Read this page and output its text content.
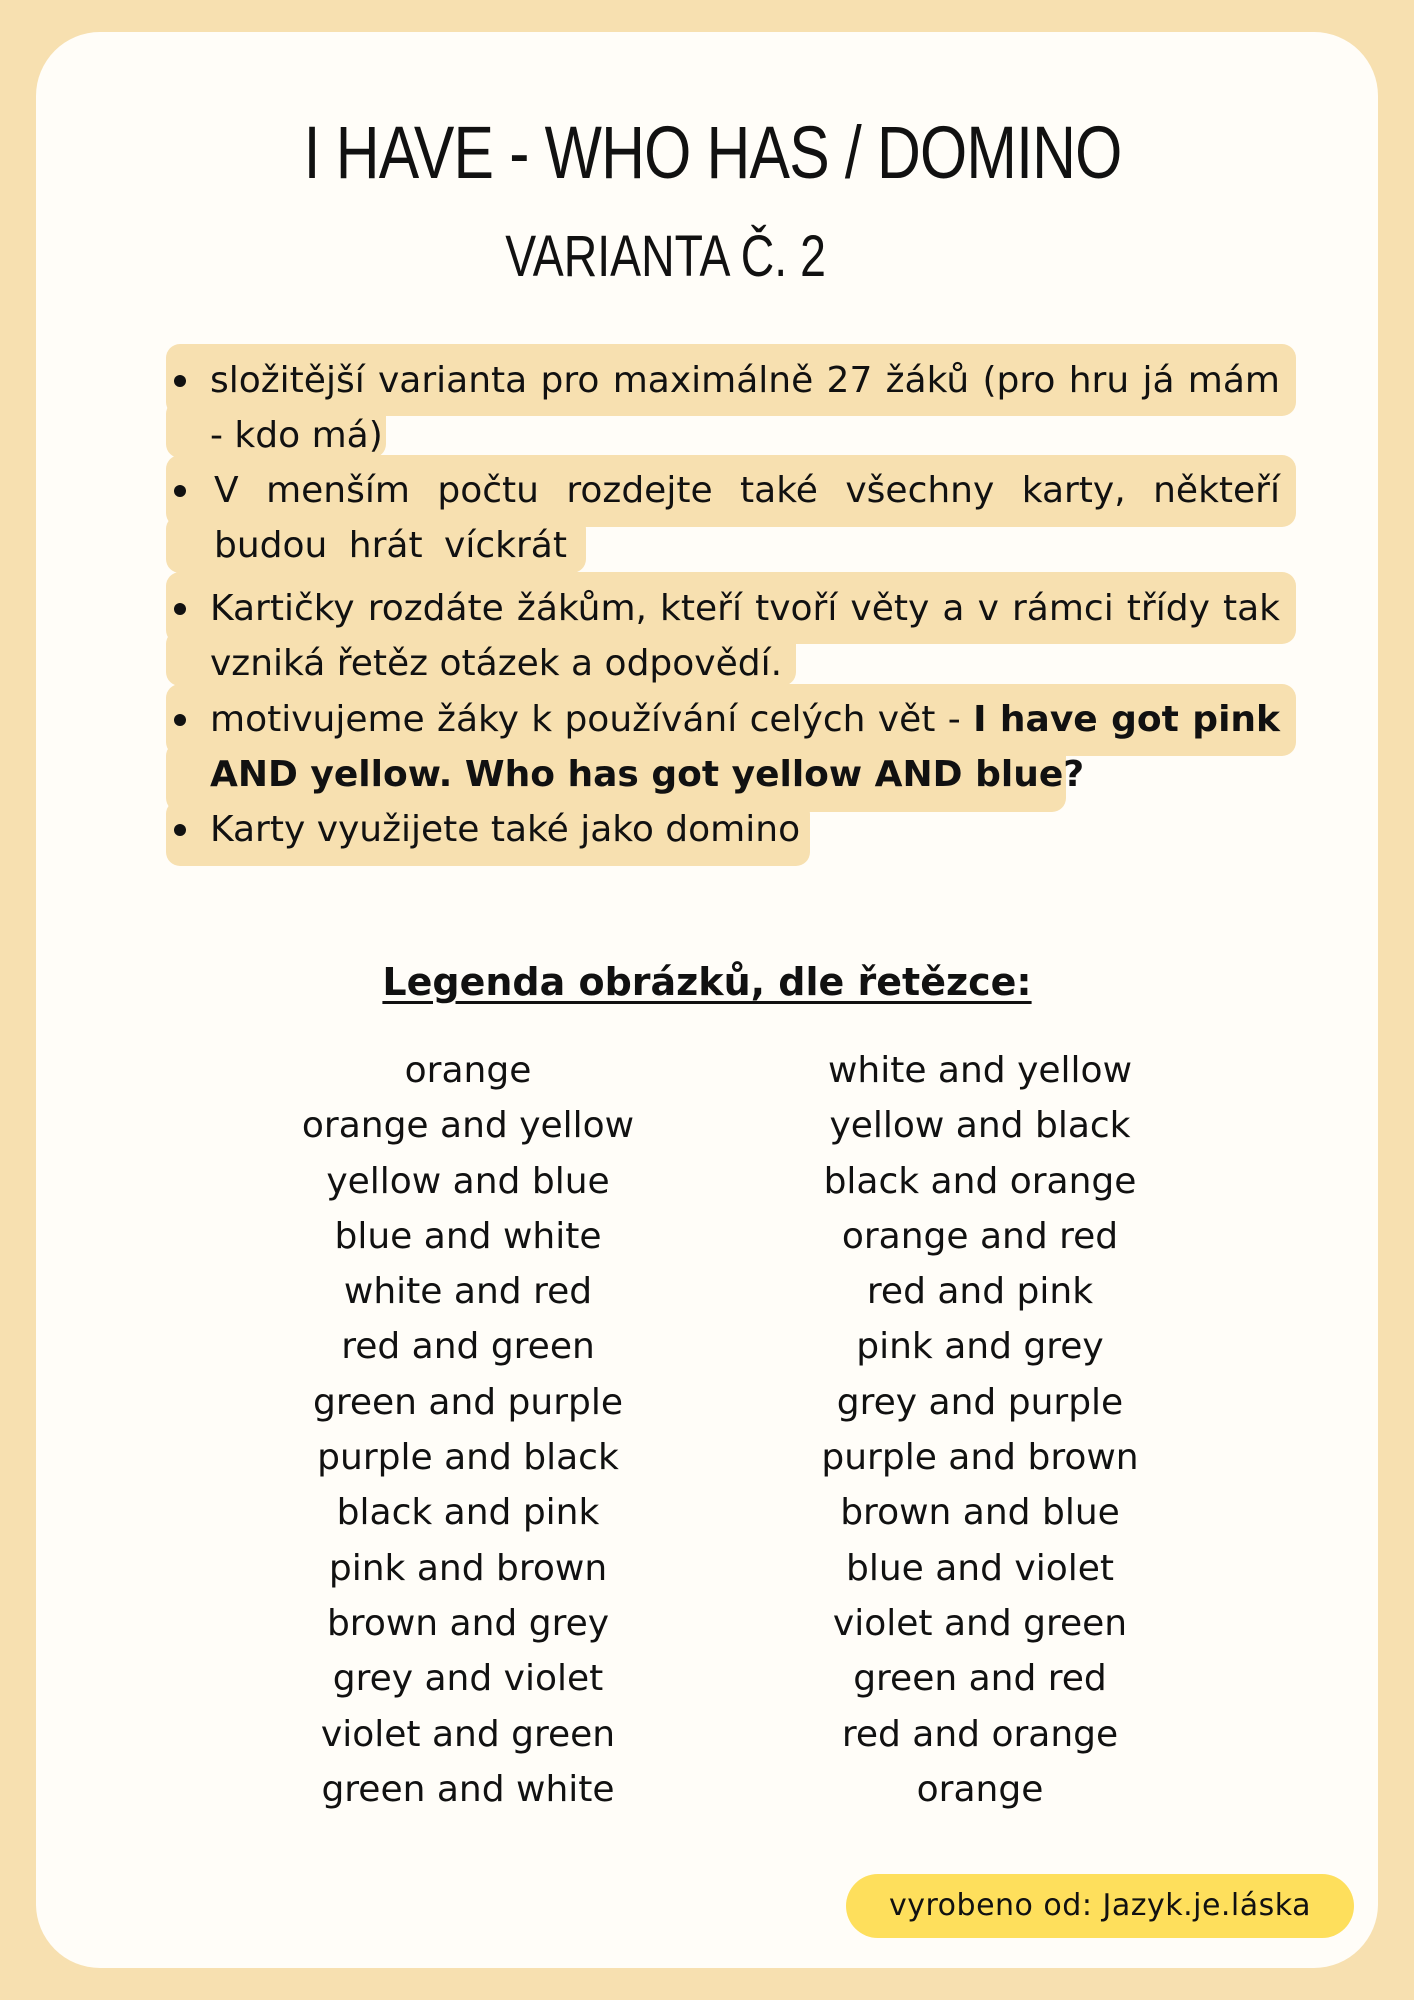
I HAVE - WHO HAS / DOMINO
VARIANTA Č. 2
složitější varianta pro maximálně 27 žáků (pro hru já mám - kdo má)
V menším počtu rozdejte také všechny karty, někteří budou hrát víckrát
Kartičky rozdáte žákům, kteří tvoří věty a v rámci třídy tak vzniká řetěz otázek a odpovědí.
motivujeme žáky k používání celých vět - I have got pink AND yellow. Who has got yellow AND blue?
Karty využijete také jako domino
Legenda obrázků, dle řetězce:
orange
orange and yellow
yellow and blue
blue and white
white and red
red and green
green and purple
purple and black
black and pink
pink and brown
brown and grey
grey and violet
violet and green
green and white
white and yellow
yellow and black
black and orange
orange and red
red and pink
pink and grey
grey and purple
purple and brown
brown and blue
blue and violet
violet and green
green and red
red and orange
orange
vyrobeno od: Jazyk.je.láska
